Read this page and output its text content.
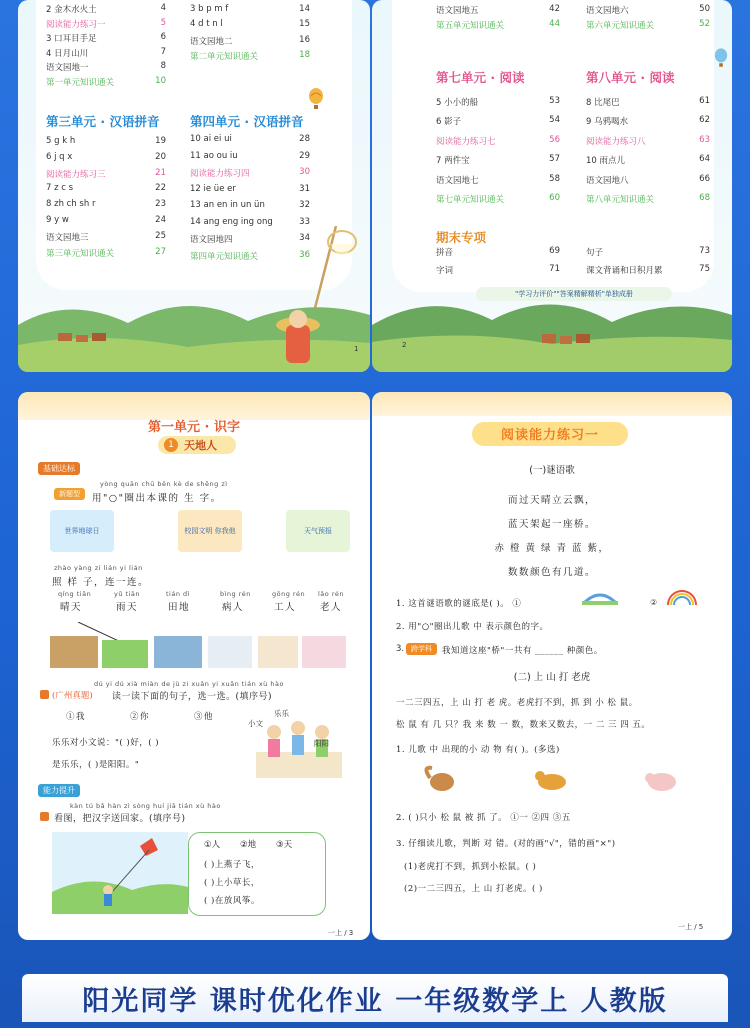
第三单元 · 汉语拼音 第四单元 · 汉语拼音
1
2 金木水火土	4
阅读能力练习一	5
3 口耳目手足	6
4 日月山川	7
语文园地一	8
第一单元知识通关	10
3 b p m f	14
4 d t n l	15
语文园地二	16
第二单元知识通关	18
5 g k h	19
6 j q x	20
阅读能力练习三	21
7 z c s	22
8 zh ch sh r	23
9 y w	24
语文园地三	25
第三单元知识通关	27
10 ai ei ui	28
11 ao ou iu	29
阅读能力练习四	30
12 ie üe er	31
13 an en in un ün	32
14 ang eng ing ong	33
语文园地四	34
第四单元知识通关	36
第七单元 · 阅读	第八单元 · 阅读
期末专项
"学习力评价""答案精解精析"单独成册
2
语文园地五	42
第五单元知识通关	44
语文园地六	50
第六单元知识通关	52
5 小小的船	53
6 影子	54
阅读能力练习七	56
7 两件宝	57
语文园地七	58
第七单元知识通关	60
8 比尾巴	61
9 乌鸦喝水	62
阅读能力练习八	63
10 雨点儿	64
语文园地八	66
第八单元知识通关	68
拼音	69
字词	71
句子	73
课文背诵和日积月累	75
第一单元 · 识字
1 天地人
基础达标
新题型
yòng quān chū běn kè de shēng zì
用"○"圈出本课的 生 字。
zhào yàng zi lián yi lián
照 样 子，连一连。
dú yi dú xià miàn de jù zi xuǎn yi xuǎn tián xù hào
(广州真题) 读一读下面的句子，选一选。(填序号)
乐乐对小文说："( )好，( )
是乐乐，( )是阳阳。"
能力提升
kàn tú bǎ hàn zì sòng huí jiā tián xù hào
看图，把汉字送回家。(填序号)
一上 / 3
世界地球日	校园文明 你我他	天气预报
qíng tiān
晴天
yǔ tiān
雨天
tián dì
田地
bìng rén
病人
gōng rén
工人
lǎo rén
老人
①我	②你	③他	乐乐
小文
阳阳
①人 ②地 ③天
( )上燕子飞，
( )上小草长，
( )在放风筝。
阅读能力练习一
(一)谜语歌
1. 这首谜语歌的谜底是( )。 ①	②
2. 用"○"圈出儿歌 中 表示颜色的字。
跨学科
3.	我知道这座"桥"一共有 ______ 种颜色。
(二) 上 山 打 老虎
1. 儿歌 中 出现的小 动 物 有( )。(多选)
2. ( )只小 松 鼠 被 抓 了。 ①一 ②四 ③五
3. 仔细读儿歌，判断 对 错。(对的画"√"，错的画"×")
(1)老虎打不到，抓到小松鼠。( )
(2)一二三四五，上 山 打老虎。( )
一上 / 5
而过天晴立云飘，
蓝天架起一座桥。
赤 橙 黄 绿 青 蓝 紫，
数数颜色有几道。
一二三四五，上 山 打 老 虎。老虎打不到，抓 到 小 松 鼠。
松 鼠 有 几 只？我 来 数 一 数，数来又数去，一 二 三 四 五。
阳光同学 课时优化作业 一年级数学上 人教版
